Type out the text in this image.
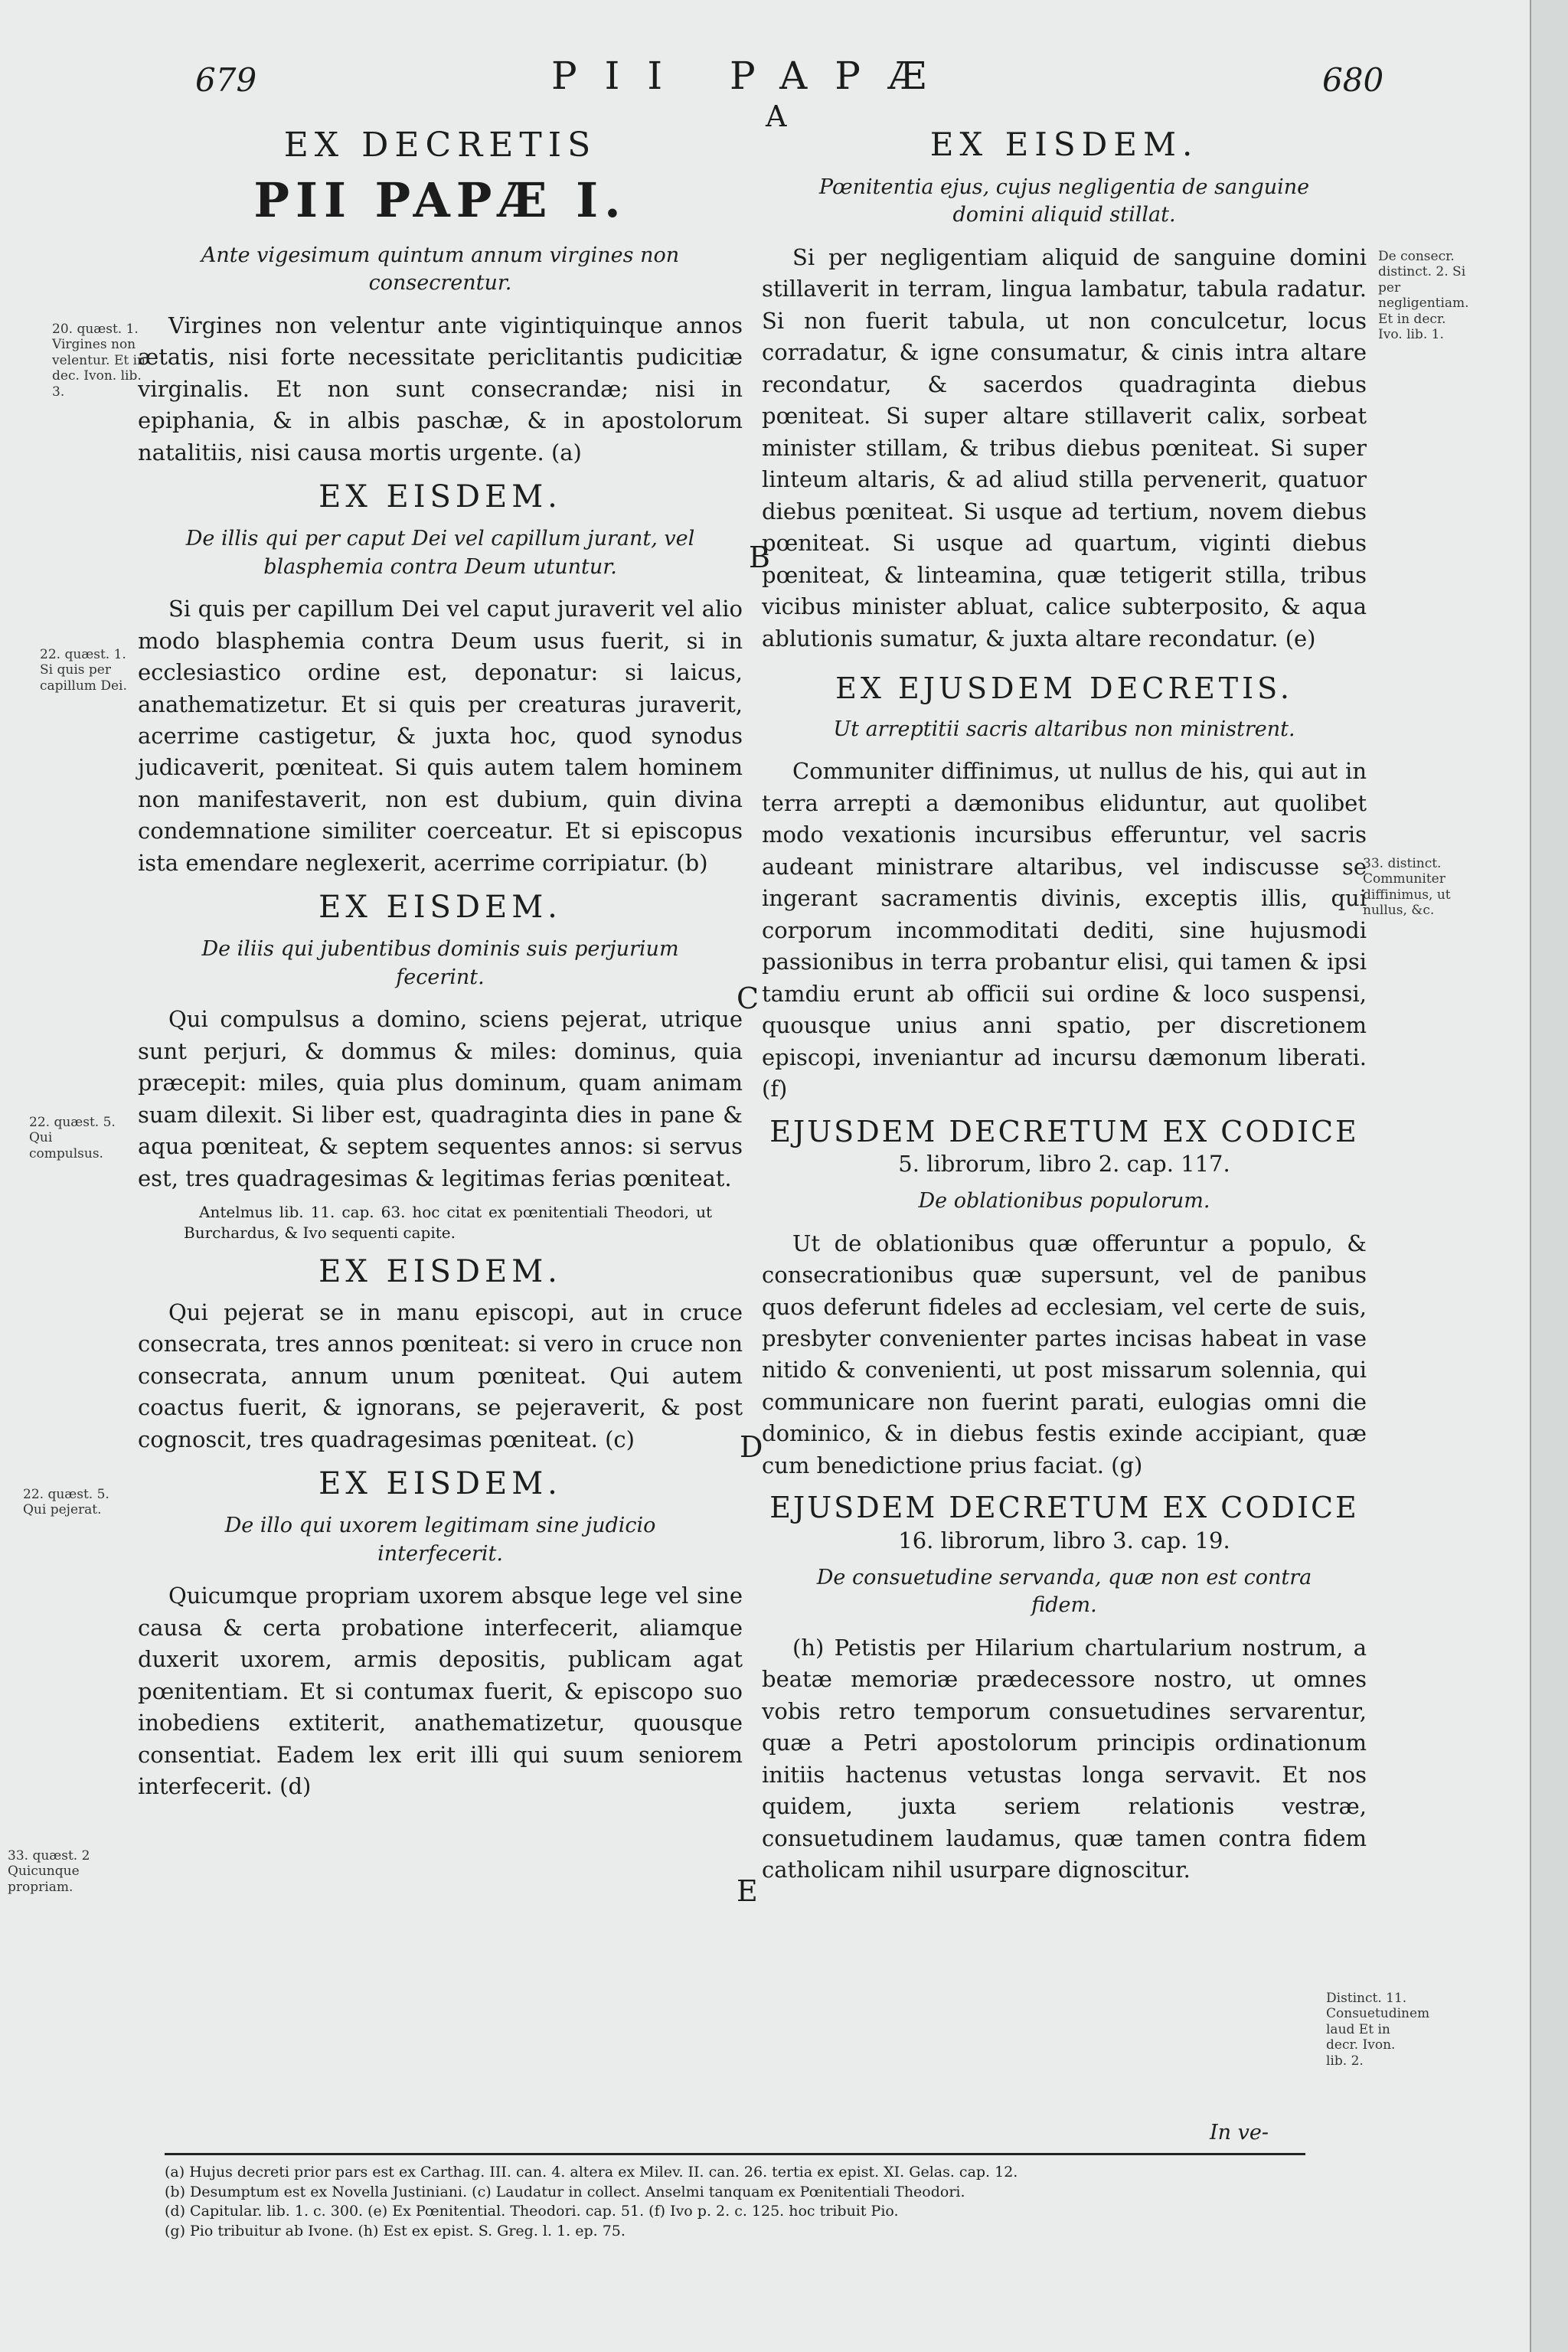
679	PII PAPÆ	680
A
B
C
D
E
EX DECRETIS
PII PAPÆ I.
Ante vigesimum quintum annum virgines non consecrentur.

Virgines non velentur ante vigintiquinque annos ætatis, nisi forte necessitate periclitantis pudicitiæ virginalis. Et non sunt consecrandæ; nisi in epiphania, & in albis paschæ, & in apostolorum natalitiis, nisi causa mortis urgente. (a)

EX EISDEM.
De illis qui per caput Dei vel capillum jurant, vel blasphemia contra Deum utuntur.

Si quis per capillum Dei vel caput juraverit vel alio modo blasphemia contra Deum usus fuerit, si in ecclesiastico ordine est, deponatur: si laicus, anathematizetur. Et si quis per creaturas juraverit, acerrime castigetur, & juxta hoc, quod synodus judicaverit, pœniteat. Si quis autem talem hominem non manifestaverit, non est dubium, quin divina condemnatione similiter coerceatur. Et si episcopus ista emendare neglexerit, acerrime corripiatur. (b)

EX EISDEM.
De iliis qui jubentibus dominis suis perjurium fecerint.

Qui compulsus a domino, sciens pejerat, utrique sunt perjuri, & dommus & miles: dominus, quia præcepit: miles, quia plus dominum, quam animam suam dilexit. Si liber est, quadraginta dies in pane & aqua pœniteat, & septem sequentes annos: si servus est, tres quadragesimas & legitimas ferias pœniteat.

Antelmus lib. 11. cap. 63. hoc citat ex pœnitentiali Theodori, ut Burchardus, & Ivo sequenti capite.

EX EISDEM.

Qui pejerat se in manu episcopi, aut in cruce consecrata, tres annos pœniteat: si vero in cruce non consecrata, annum unum pœniteat. Qui autem coactus fuerit, & ignorans, se pejeraverit, & post cognoscit, tres quadragesimas pœniteat. (c)

EX EISDEM.
De illo qui uxorem legitimam sine judicio interfecerit.

Quicumque propriam uxorem absque lege vel sine causa & certa probatione interfecerit, aliamque duxerit uxorem, armis depositis, publicam agat pœnitentiam. Et si contumax fuerit, & episcopo suo inobediens extiterit, anathematizetur, quousque consentiat. Eadem lex erit illi qui suum seniorem interfecerit. (d)

20. quæst. 1. Virgines non velentur. Et in dec. Ivon. lib. 3.
22. quæst. 1. Si quis per capillum Dei.
22. quæst. 5. Qui compulsus.
22. quæst. 5. Qui pejerat.
33. quæst. 2 Quicunque propriam.
EX EISDEM.
Pœnitentia ejus, cujus negligentia de sanguine domini aliquid stillat.

Si per negligentiam aliquid de sanguine domini stillaverit in terram, lingua lambatur, tabula radatur. Si non fuerit tabula, ut non conculcetur, locus corradatur, & igne consumatur, & cinis intra altare recondatur, & sacerdos quadraginta diebus pœniteat. Si super altare stillaverit calix, sorbeat minister stillam, & tribus diebus pœniteat. Si super linteum altaris, & ad aliud stilla pervenerit, quatuor diebus pœniteat. Si usque ad tertium, novem diebus pœniteat. Si usque ad quartum, viginti diebus pœniteat, & linteamina, quæ tetigerit stilla, tribus vicibus minister abluat, calice subterposito, & aqua ablutionis sumatur, & juxta altare recondatur. (e)

EX EJUSDEM DECRETIS.
Ut arreptitii sacris altaribus non ministrent.

Communiter diffinimus, ut nullus de his, qui aut in terra arrepti a dæmonibus eliduntur, aut quolibet modo vexationis incursibus efferuntur, vel sacris audeant ministrare altaribus, vel indiscusse se ingerant sacramentis divinis, exceptis illis, qui corporum incommoditati dediti, sine hujusmodi passionibus in terra probantur elisi, qui tamen & ipsi tamdiu erunt ab officii sui ordine & loco suspensi, quousque unius anni spatio, per discretionem episcopi, inveniantur ad incursu dæmonum liberati. (f)

EJUSDEM DECRETUM EX CODICE
5. librorum, libro 2. cap. 117.
De oblationibus populorum.

Ut de oblationibus quæ offeruntur a populo, & consecrationibus quæ supersunt, vel de panibus quos deferunt fideles ad ecclesiam, vel certe de suis, presbyter convenienter partes incisas habeat in vase nitido & convenienti, ut post missarum solennia, qui communicare non fuerint parati, eulogias omni die dominico, & in diebus festis exinde accipiant, quæ cum benedictione prius faciat. (g)

EJUSDEM DECRETUM EX CODICE
16. librorum, libro 3. cap. 19.
De consuetudine servanda, quæ non est contra fidem.

(h) Petistis per Hilarium chartularium nostrum, a beatæ memoriæ prædecessore nostro, ut omnes vobis retro temporum consuetudines servarentur, quæ a Petri apostolorum principis ordinationum initiis hactenus vetustas longa servavit. Et nos quidem, juxta seriem relationis vestræ, consuetudinem laudamus, quæ tamen contra fidem catholicam nihil usurpare dignoscitur.

De consecr. distinct. 2. Si per negligentiam. Et in decr. Ivo. lib. 1.
33. distinct. Communiter diffinimus, ut nullus, &c.
Distinct. 11. Consuetudinem laud Et in decr. Ivon. lib. 2.
In ve-
(a) Hujus decreti prior pars est ex Carthag. III. can. 4. altera ex Milev. II. can. 26. tertia ex epist. XI. Gelas. cap. 12.
(b) Desumptum est ex Novella Justiniani. (c) Laudatur in collect. Anselmi tanquam ex Pœnitentiali Theodori.
(d) Capitular. lib. 1. c. 300. (e) Ex Pœnitential. Theodori. cap. 51. (f) Ivo p. 2. c. 125. hoc tribuit Pio.
(g) Pio tribuitur ab Ivone. (h) Est ex epist. S. Greg. l. 1. ep. 75.
